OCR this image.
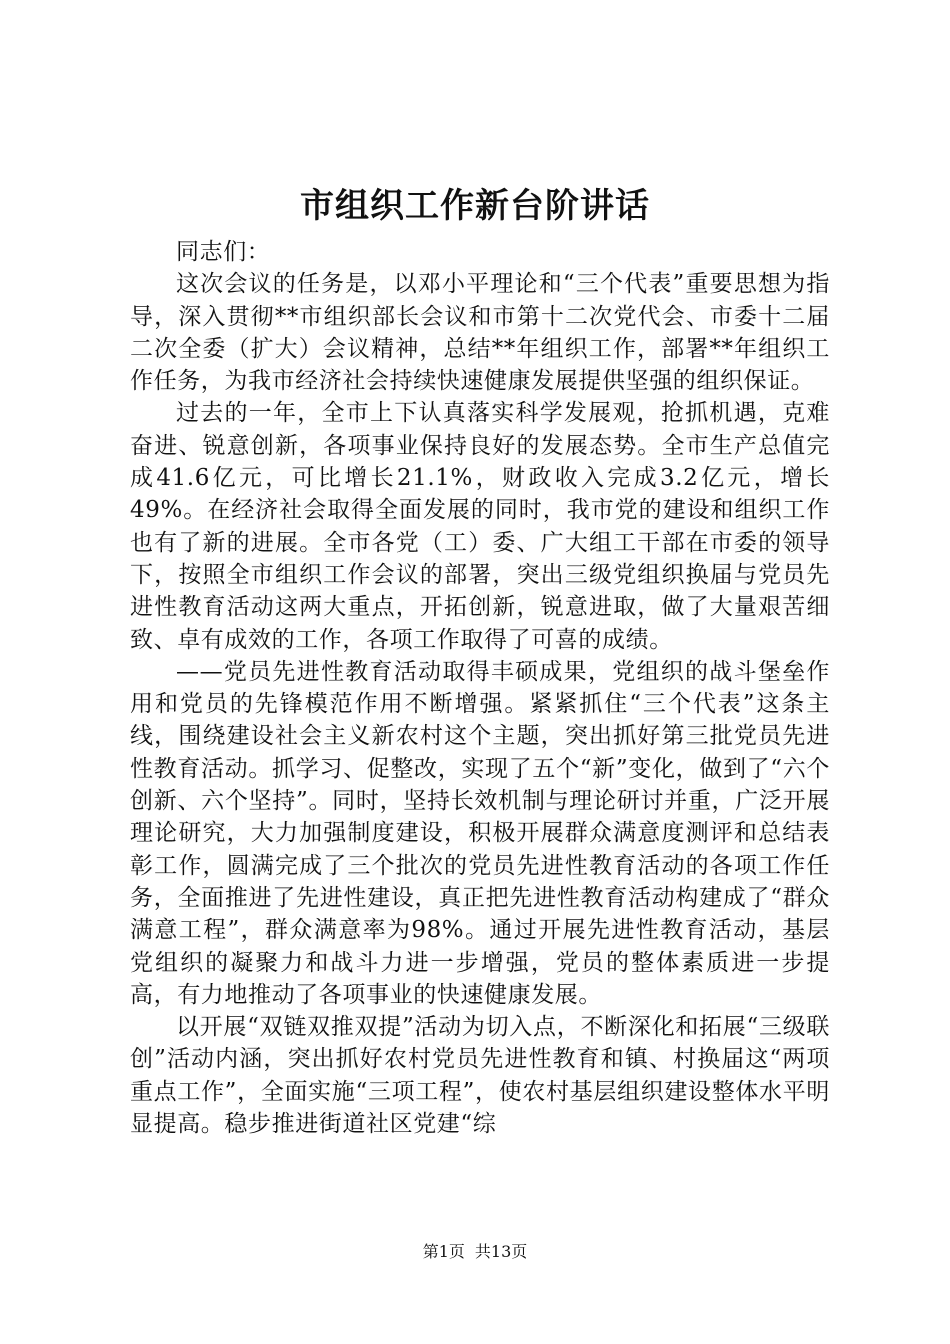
市组织工作新台阶讲话

同志们：

这次会议的任务是，以邓小平理论和“三个代表”重要思想为指导，深入贯彻**市组织部长会议和市第十二次党代会、市委十二届二次全委（扩大）会议精神，总结**年组织工作，部署**年组织工作任务，为我市经济社会持续快速健康发展提供坚强的组织保证。

过去的一年，全市上下认真落实科学发展观，抢抓机遇，克难奋进、锐意创新，各项事业保持良好的发展态势。全市生产总值完成41.6亿元，可比增长21.1%，财政收入完成3.2亿元，增长49%。在经济社会取得全面发展的同时，我市党的建设和组织工作也有了新的进展。全市各党（工）委、广大组工干部在市委的领导下，按照全市组织工作会议的部署，突出三级党组织换届与党员先进性教育活动这两大重点，开拓创新，锐意进取，做了大量艰苦细致、卓有成效的工作，各项工作取得了可喜的成绩。

——党员先进性教育活动取得丰硕成果，党组织的战斗堡垒作用和党员的先锋模范作用不断增强。紧紧抓住“三个代表”这条主线，围绕建设社会主义新农村这个主题，突出抓好第三批党员先进性教育活动。抓学习、促整改，实现了五个“新”变化，做到了“六个创新、六个坚持”。同时，坚持长效机制与理论研讨并重，广泛开展理论研究，大力加强制度建设，积极开展群众满意度测评和总结表彰工作，圆满完成了三个批次的党员先进性教育活动的各项工作任务，全面推进了先进性建设，真正把先进性教育活动构建成了“群众满意工程”，群众满意率为98%。通过开展先进性教育活动，基层党组织的凝聚力和战斗力进一步增强，党员的整体素质进一步提高，有力地推动了各项事业的快速健康发展。

以开展“双链双推双提”活动为切入点，不断深化和拓展“三级联创”活动内涵，突出抓好农村党员先进性教育和镇、村换届这“两项重点工作”，全面实施“三项工程”，使农村基层组织建设整体水平明显提高。稳步推进街道社区党建“综

第1页 共13页
